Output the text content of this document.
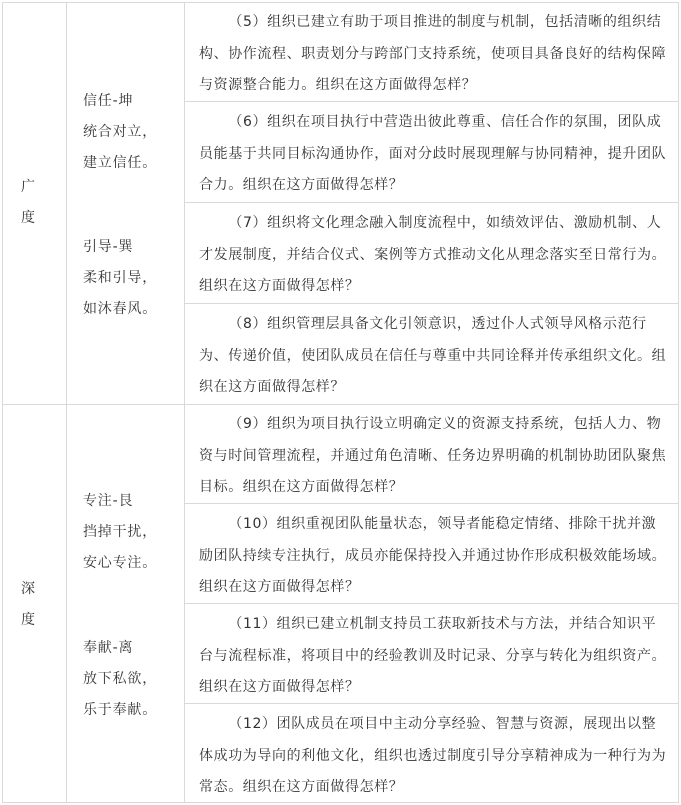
广
度
深
度
信任-坤
统合对立，
建立信任。
引导-巽
柔和引导，
如沐春风。
专注-艮
挡掉干扰，
安心专注。
奉献-离
放下私欲，
乐于奉献。
（5）组织已建立有助于项目推进的制度与机制，包括清晰的组织结构、协作流程、职责划分与跨部门支持系统，使项目具备良好的结构保障与资源整合能力。组织在这方面做得怎样？
（6）组织在项目执行中营造出彼此尊重、信任合作的氛围，团队成员能基于共同目标沟通协作，面对分歧时展现理解与协同精神，提升团队合力。组织在这方面做得怎样？
（7）组织将文化理念融入制度流程中，如绩效评估、激励机制、人才发展制度，并结合仪式、案例等方式推动文化从理念落实至日常行为。组织在这方面做得怎样？
（8）组织管理层具备文化引领意识，透过仆人式领导风格示范行为、传递价值，使团队成员在信任与尊重中共同诠释并传承组织文化。组织在这方面做得怎样？
（9）组织为项目执行设立明确定义的资源支持系统，包括人力、物资与时间管理流程，并通过角色清晰、任务边界明确的机制协助团队聚焦目标。组织在这方面做得怎样？
（10）组织重视团队能量状态，领导者能稳定情绪、排除干扰并激励团队持续专注执行，成员亦能保持投入并通过协作形成积极效能场域。组织在这方面做得怎样？
（11）组织已建立机制支持员工获取新技术与方法，并结合知识平台与流程标准，将项目中的经验教训及时记录、分享与转化为组织资产。组织在这方面做得怎样？
（12）团队成员在项目中主动分享经验、智慧与资源，展现出以整体成功为导向的利他文化，组织也透过制度引导分享精神成为一种行为为常态。组织在这方面做得怎样？
